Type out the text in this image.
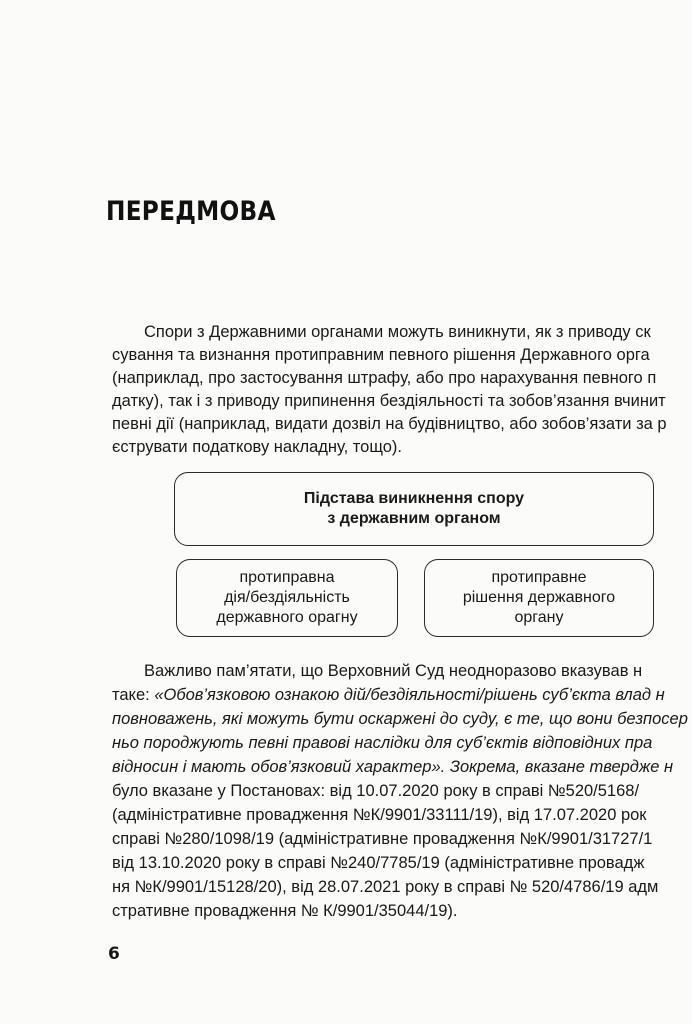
ПЕРЕДМОВА
Спори з Державними органами можуть виникнути, як з приводу ск
сування та визнання протиправним певного рішення Державного орга
(наприклад, про застосування штрафу, або про нарахування певного п
датку), так і з приводу припинення бездіяльності та зобов’язання вчинит
певні дії (наприклад, видати дозвіл на будівництво, або зобов’язати за р
єструвати податкову накладну, тощо).
Підстава виникнення спору
з державним органом
протиправна
дія/бездіяльність
державного орагну
протиправне
рішення державного
органу
Важливо пам’ятати, що Верховний Суд неодноразово вказував н
таке: «Обов’язковою ознакою дій/бездіяльності/рішень суб’єкта влад н
повноважень, які можуть бути оскаржені до суду, є те, що вони безпосер
ньо породжують певні правові наслідки для суб’єктів відповідних пра
відносин і мають обов’язковий характер». Зокрема, вказане твердже н
було вказане у Постановах: від 10.07.2020 року в справі №520/5168/
(адміністративне провадження №К/9901/33111/19), від 17.07.2020 рок
справі №280/1098/19 (адміністративне провадження №К/9901/31727/1
від 13.10.2020 року в справі №240/7785/19 (адміністративне провадж
ня №К/9901/15128/20), від 28.07.2021 року в справі № 520/4786/19 адм
стративне провадження № К/9901/35044/19).
6
